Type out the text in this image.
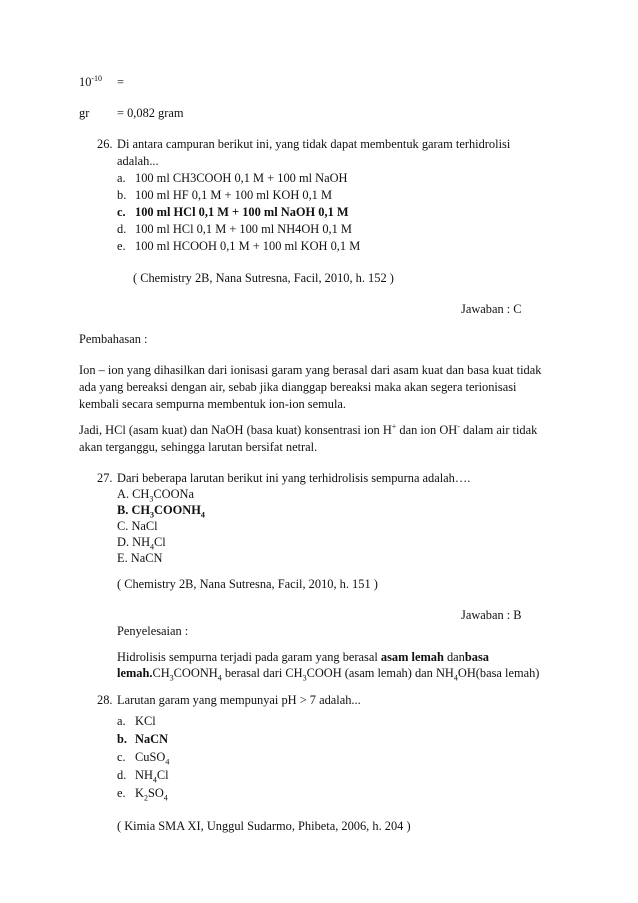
$10^{-10}$ =
gr = 0,082 gram
26. Di antara campuran berikut ini, yang tidak dapat membentuk garam terhidrolisi
adalah...
a. 100 ml CH3COOH 0,1 M + 100 ml NaOH
b. 100 ml HF 0,1 M + 100 ml KOH 0,1 M
c. 100 ml HCl 0,1 M + 100 ml NaOH 0,1 M
d. 100 ml HCl 0,1 M + 100 ml NH4OH 0,1 M
e. 100 ml HCOOH 0,1 M + 100 ml KOH 0,1 M
( Chemistry 2B, Nana Sutresna, Facil, 2010, h. 152 )
Jawaban : C
Pembahasan :
Ion – ion yang dihasilkan dari ionisasi garam yang berasal dari asam kuat dan basa kuat tidak
ada yang bereaksi dengan air, sebab jika dianggap bereaksi maka akan segera terionisasi
kembali secara sempurna membentuk ion-ion semula.
Jadi, HCl (asam kuat) dan NaOH (basa kuat) konsentrasi ion H+ dan ion OH- dalam air tidak
akan terganggu, sehingga larutan bersifat netral.
27. Dari beberapa larutan berikut ini yang terhidrolisis sempurna adalah….
A. $CH_3COONa$
B. $CH_3COONH_4$
C. NaCl
D. $NH_4Cl$
E. NaCN
( Chemistry 2B, Nana Sutresna, Facil, 2010, h. 151 )
Jawaban : B
Penyelesaian :
Hidrolisis sempurna terjadi pada garam yang berasal asam lemah danbasa
$lemah.CH_3COONH_4$ berasal dari $CH_3COOH$ (asam lemah) dan $NH_4OH(basa$ lemah)
28. Larutan garam yang mempunyai pH > 7 adalah...
a. KCl
b. NaCN
c. CuSO$_4$
d. $NH_4Cl$
e. $K_2SO_4$
( Kimia SMA XI, Unggul Sudarmo, Phibeta, 2006, h. 204 )
